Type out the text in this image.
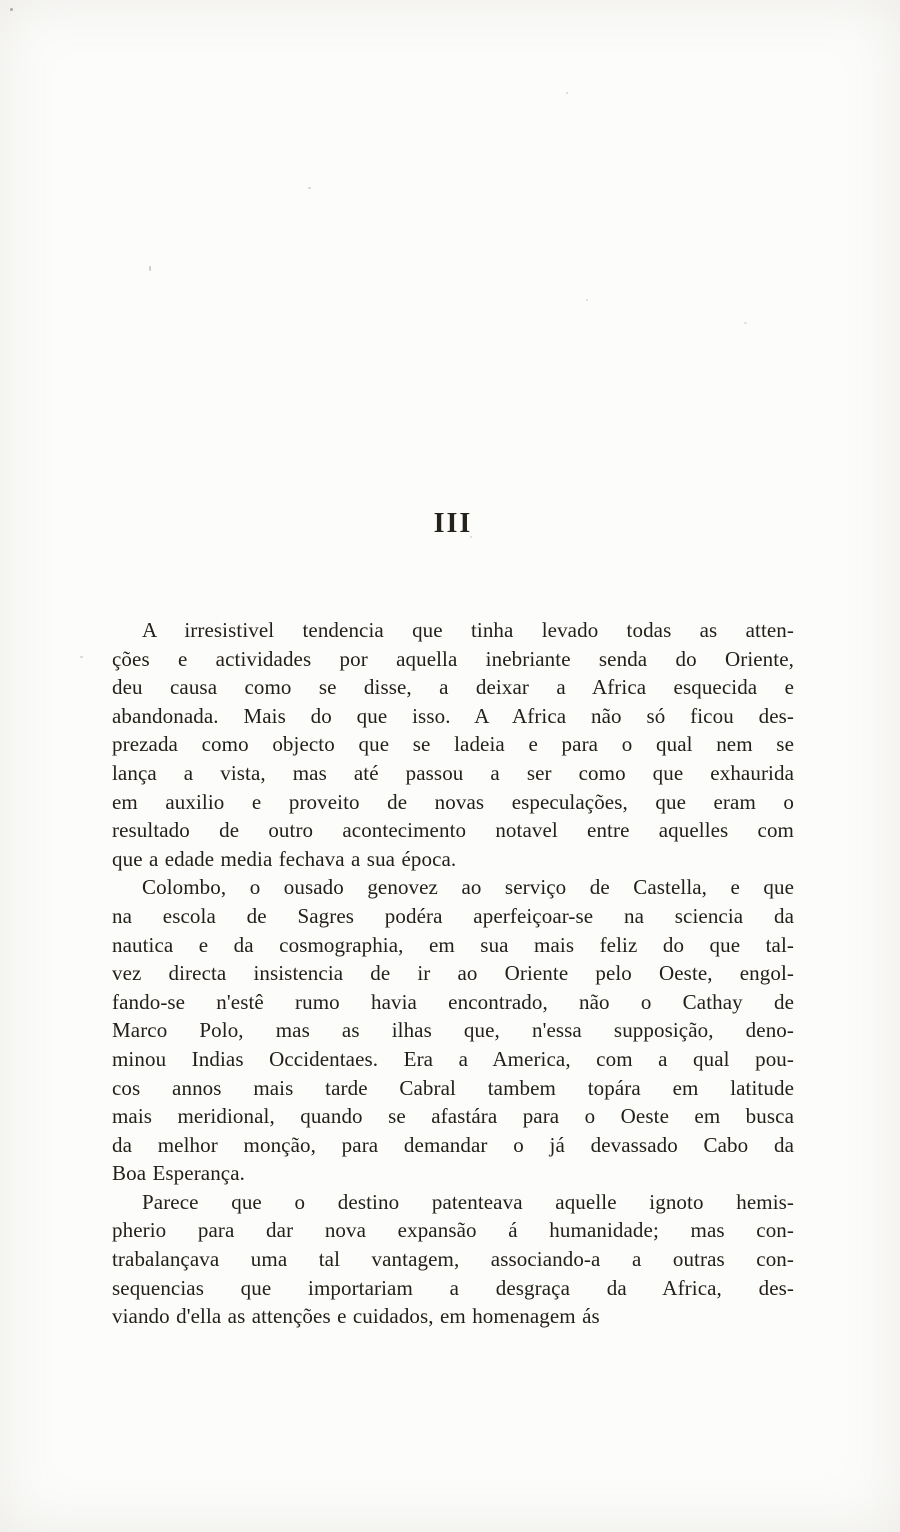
III
A irresistivel tendencia que tinha levado todas as atten-
ções e actividades por aquella inebriante senda do Oriente,
deu causa como se disse, a deixar a Africa esquecida e
abandonada. Mais do que isso. A Africa não só ficou des-
prezada como objecto que se ladeia e para o qual nem se
lança a vista, mas até passou a ser como que exhaurida
em auxilio e proveito de novas especulações, que eram o
resultado de outro acontecimento notavel entre aquelles com
que a edade media fechava a sua época.
Colombo, o ousado genovez ao serviço de Castella, e que
na escola de Sagres podéra aperfeiçoar-se na sciencia da
nautica e da cosmographia, em sua mais feliz do que tal-
vez directa insistencia de ir ao Oriente pelo Oeste, engol-
fando-se n'estê rumo havia encontrado, não o Cathay de
Marco Polo, mas as ilhas que, n'essa supposição, deno-
minou Indias Occidentaes. Era a America, com a qual pou-
cos annos mais tarde Cabral tambem topára em latitude
mais meridional, quando se afastára para o Oeste em busca
da melhor monção, para demandar o já devassado Cabo da
Boa Esperança.
Parece que o destino patenteava aquelle ignoto hemis-
pherio para dar nova expansão á humanidade; mas con-
trabalançava uma tal vantagem, associando-a a outras con-
sequencias que importariam a desgraça da Africa, des-
viando d'ella as attenções e cuidados, em homenagem ás
